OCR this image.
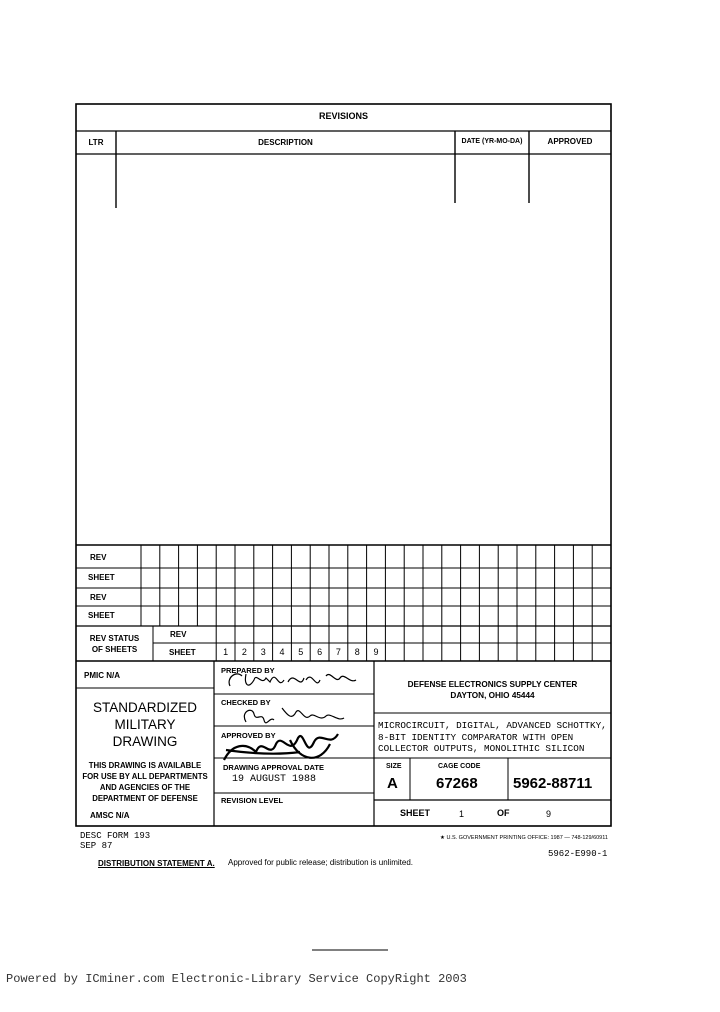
REVISIONS
LTR	DESCRIPTION	DATE (YR-MO-DA)	APPROVED
REV
SHEET
REV
SHEET
REV STATUS
OF SHEETS
REV
SHEET	1	2	3	4	5	6	7	8	9
PMIC N/A
STANDARDIZED
MILITARY
DRAWING
THIS DRAWING IS AVAILABLE
FOR USE BY ALL DEPARTMENTS
AND AGENCIES OF THE
DEPARTMENT OF DEFENSE
AMSC N/A
PREPARED BY
CHECKED BY
APPROVED BY
DRAWING APPROVAL DATE
19 AUGUST 1988
REVISION LEVEL
DEFENSE ELECTRONICS SUPPLY CENTER
DAYTON, OHIO 45444
MICROCIRCUIT, DIGITAL, ADVANCED SCHOTTKY,
8-BIT IDENTITY COMPARATOR WITH OPEN
COLLECTOR OUTPUTS, MONOLITHIC SILICON
SIZE
A
CAGE CODE
67268 5962-88711
SHEET	1	OF	9
DESC FORM 193
SEP 87
★ U.S. GOVERNMENT PRINTING OFFICE: 1987 — 748-129/60911
5962-E990-1
DISTRIBUTION STATEMENT A. Approved for public release; distribution is unlimited.
Powered by ICminer.com Electronic-Library Service CopyRight 2003
